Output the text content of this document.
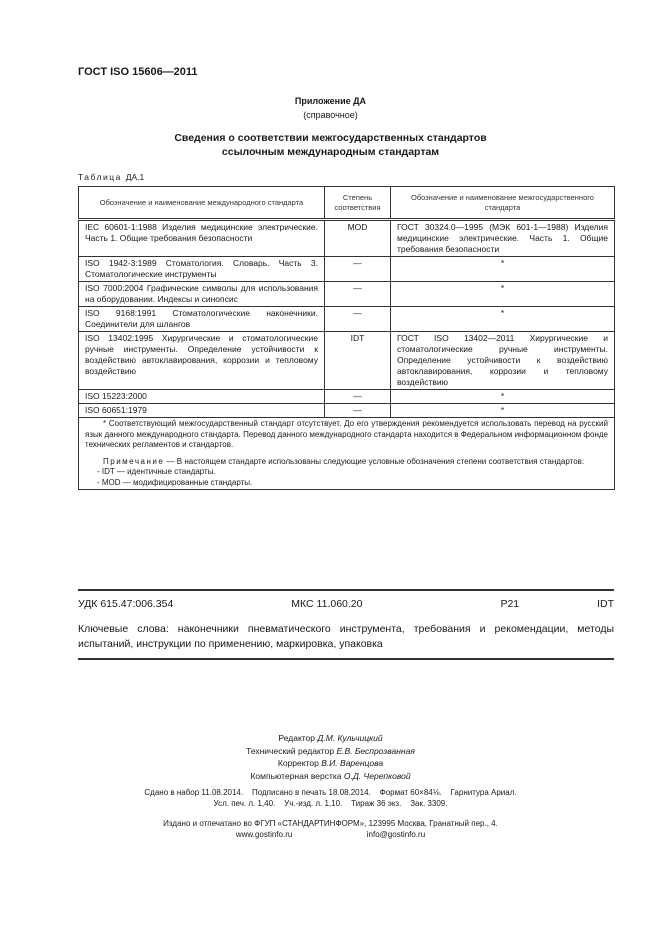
ГОСТ ISO 15606—2011
Приложение ДА
(справочное)
Сведения о соответствии межгосударственных стандартов
ссылочным международным стандартам
Таблица ДА.1
Обозначение и наименование международного стандарта	Степень соответствия	Обозначение и наименование межгосударственного стандарта
IEC 60601-1:1988 Изделия медицинские электрические. Часть 1. Общие требования безопасности	MOD	ГОСТ 30324.0—1995 (МЭК 601-1—1988) Изделия медицинские электрические. Часть 1. Общие требования безопасности
ISO 1942-3:1989 Стоматология. Словарь. Часть 3. Стоматологические инструменты	—	*
ISO 7000:2004 Графические символы для использования на оборудовании. Индексы и синопсис	—	*
ISO 9168:1991 Стоматологические наконечники. Соединители для шлангов	—	*
ISO 13402:1995 Хирургические и стоматологические ручные инструменты. Определение устойчивости к воздействию автоклавирования, коррозии и тепловому воздействию	IDT	ГОСТ ISO 13402—2011 Хирургические и стоматологические ручные инструменты. Определение устойчивости к воздействию автоклавирования, коррозии и тепловому воздействию
ISO 15223:2000	—	*
ISO 60651:1979	—	*

* Соответствующий межгосударственный стандарт отсутствует. До его утверждения рекомендуется использовать перевод на русский язык данного международного стандарта. Перевод данного международного стандарта находится в Федеральном информационном фонде технических регламентов и стандартов.

Примечание — В настоящем стандарте использованы следующие условные обозначения степени соответствия стандартов:

- IDT — идентичные стандарты.

- MOD — модифицированные стандарты.		

УДК 615.47:006.354	МКС 11.060.20	Р21	IDT
Ключевые слова: наконечники пневматического инструмента, требования и рекомендации, методы испытаний, инструкции по применению, маркировка, упаковка
Редактор Д.М. Кульчицкий
Технический редактор Е.В. Беспрозванная
Корректор В.И. Варенцова
Компьютерная верстка О.Д. Черепковой
Сдано в набор 11.08.2014.    Подписано в печать 18.08.2014.    Формат 60×84⅛.    Гарнитура Ариал.
Усл. печ. л. 1,40.    Уч.-изд. л. 1,10.    Тираж 36 экз.    Зак. 3309.
Издано и отпечатано во ФГУП «СТАНДАРТИНФОРМ», 123995 Москва, Гранатный пер., 4.
www.gostinfo.ru	info@gostinfo.ru
